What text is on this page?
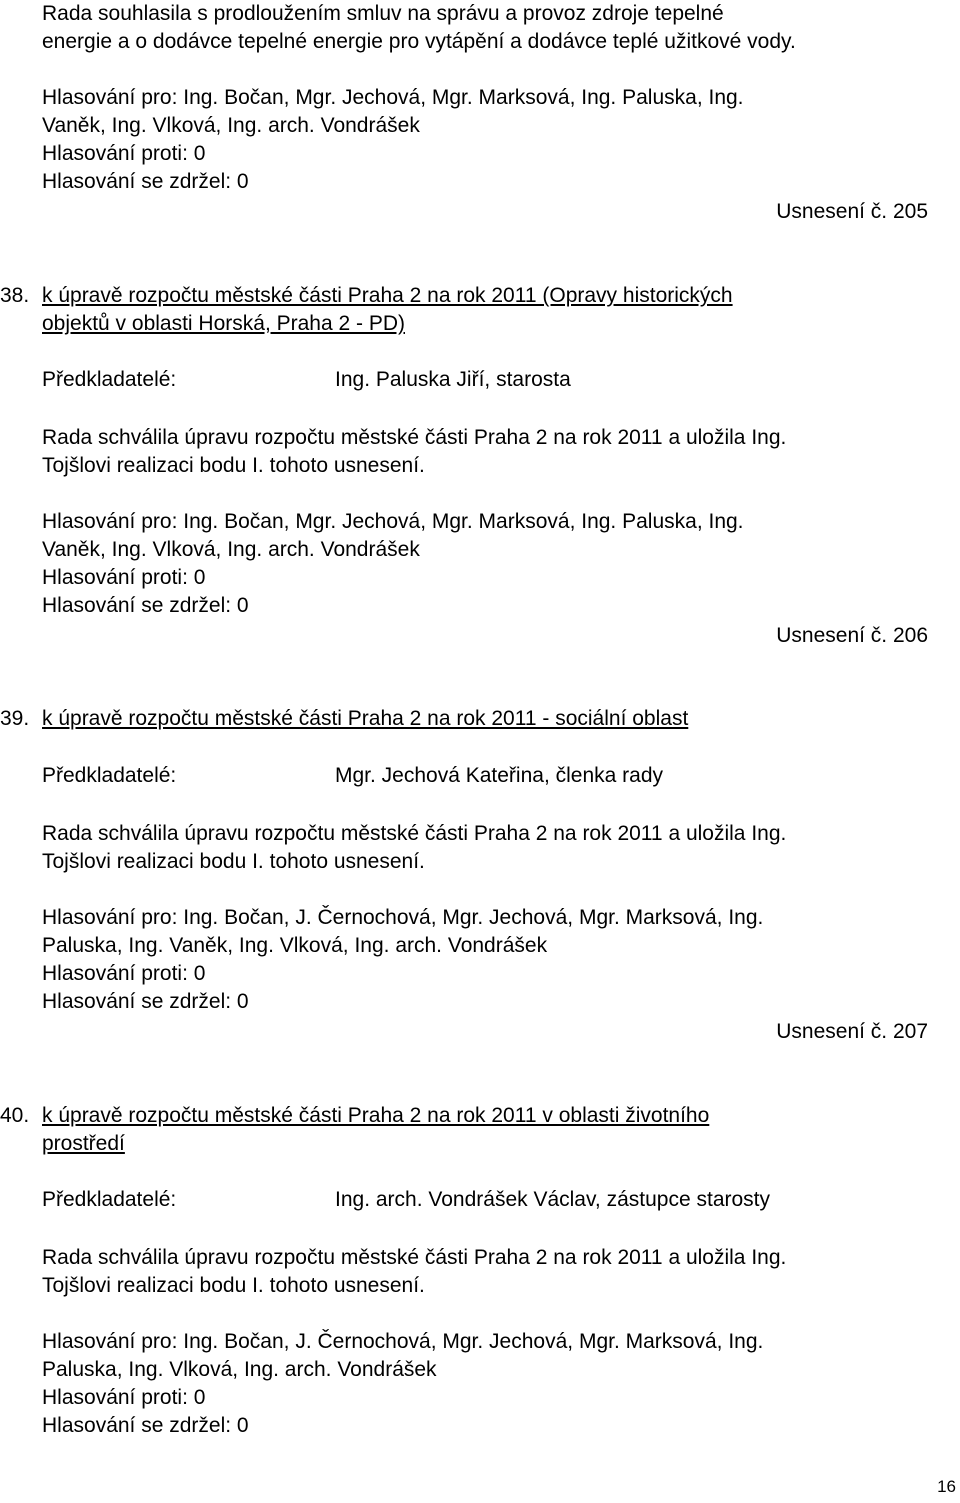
Rada souhlasila s prodloužením smluv na správu a provoz zdroje tepelné
energie a o dodávce tepelné energie pro vytápění a dodávce teplé užitkové vody.
Hlasování pro: Ing. Bočan, Mgr. Jechová, Mgr. Marksová, Ing. Paluska, Ing.
Vaněk, Ing. Vlková, Ing. arch. Vondrášek
Hlasování proti: 0
Hlasování se zdržel: 0
Usnesení č. 205
38. k úpravě rozpočtu městské části Praha 2 na rok 2011 (Opravy historických
objektů v oblasti Horská, Praha 2 - PD)
Předkladatelé:	Ing. Paluska Jiří, starosta
Rada schválila úpravu rozpočtu městské části Praha 2 na rok 2011 a uložila Ing.
Tojšlovi realizaci bodu I. tohoto usnesení.
Hlasování pro: Ing. Bočan, Mgr. Jechová, Mgr. Marksová, Ing. Paluska, Ing.
Vaněk, Ing. Vlková, Ing. arch. Vondrášek
Hlasování proti: 0
Hlasování se zdržel: 0
Usnesení č. 206
39. k úpravě rozpočtu městské části Praha 2 na rok 2011 - sociální oblast
Předkladatelé:	Mgr. Jechová Kateřina, členka rady
Rada schválila úpravu rozpočtu městské části Praha 2 na rok 2011 a uložila Ing.
Tojšlovi realizaci bodu I. tohoto usnesení.
Hlasování pro: Ing. Bočan, J. Černochová, Mgr. Jechová, Mgr. Marksová, Ing.
Paluska, Ing. Vaněk, Ing. Vlková, Ing. arch. Vondrášek
Hlasování proti: 0
Hlasování se zdržel: 0
Usnesení č. 207
40. k úpravě rozpočtu městské části Praha 2 na rok 2011 v oblasti životního
prostředí
Předkladatelé:	Ing. arch. Vondrášek Václav, zástupce starosty
Rada schválila úpravu rozpočtu městské části Praha 2 na rok 2011 a uložila Ing.
Tojšlovi realizaci bodu I. tohoto usnesení.
Hlasování pro: Ing. Bočan, J. Černochová, Mgr. Jechová, Mgr. Marksová, Ing.
Paluska, Ing. Vlková, Ing. arch. Vondrášek
Hlasování proti: 0
Hlasování se zdržel: 0
16
